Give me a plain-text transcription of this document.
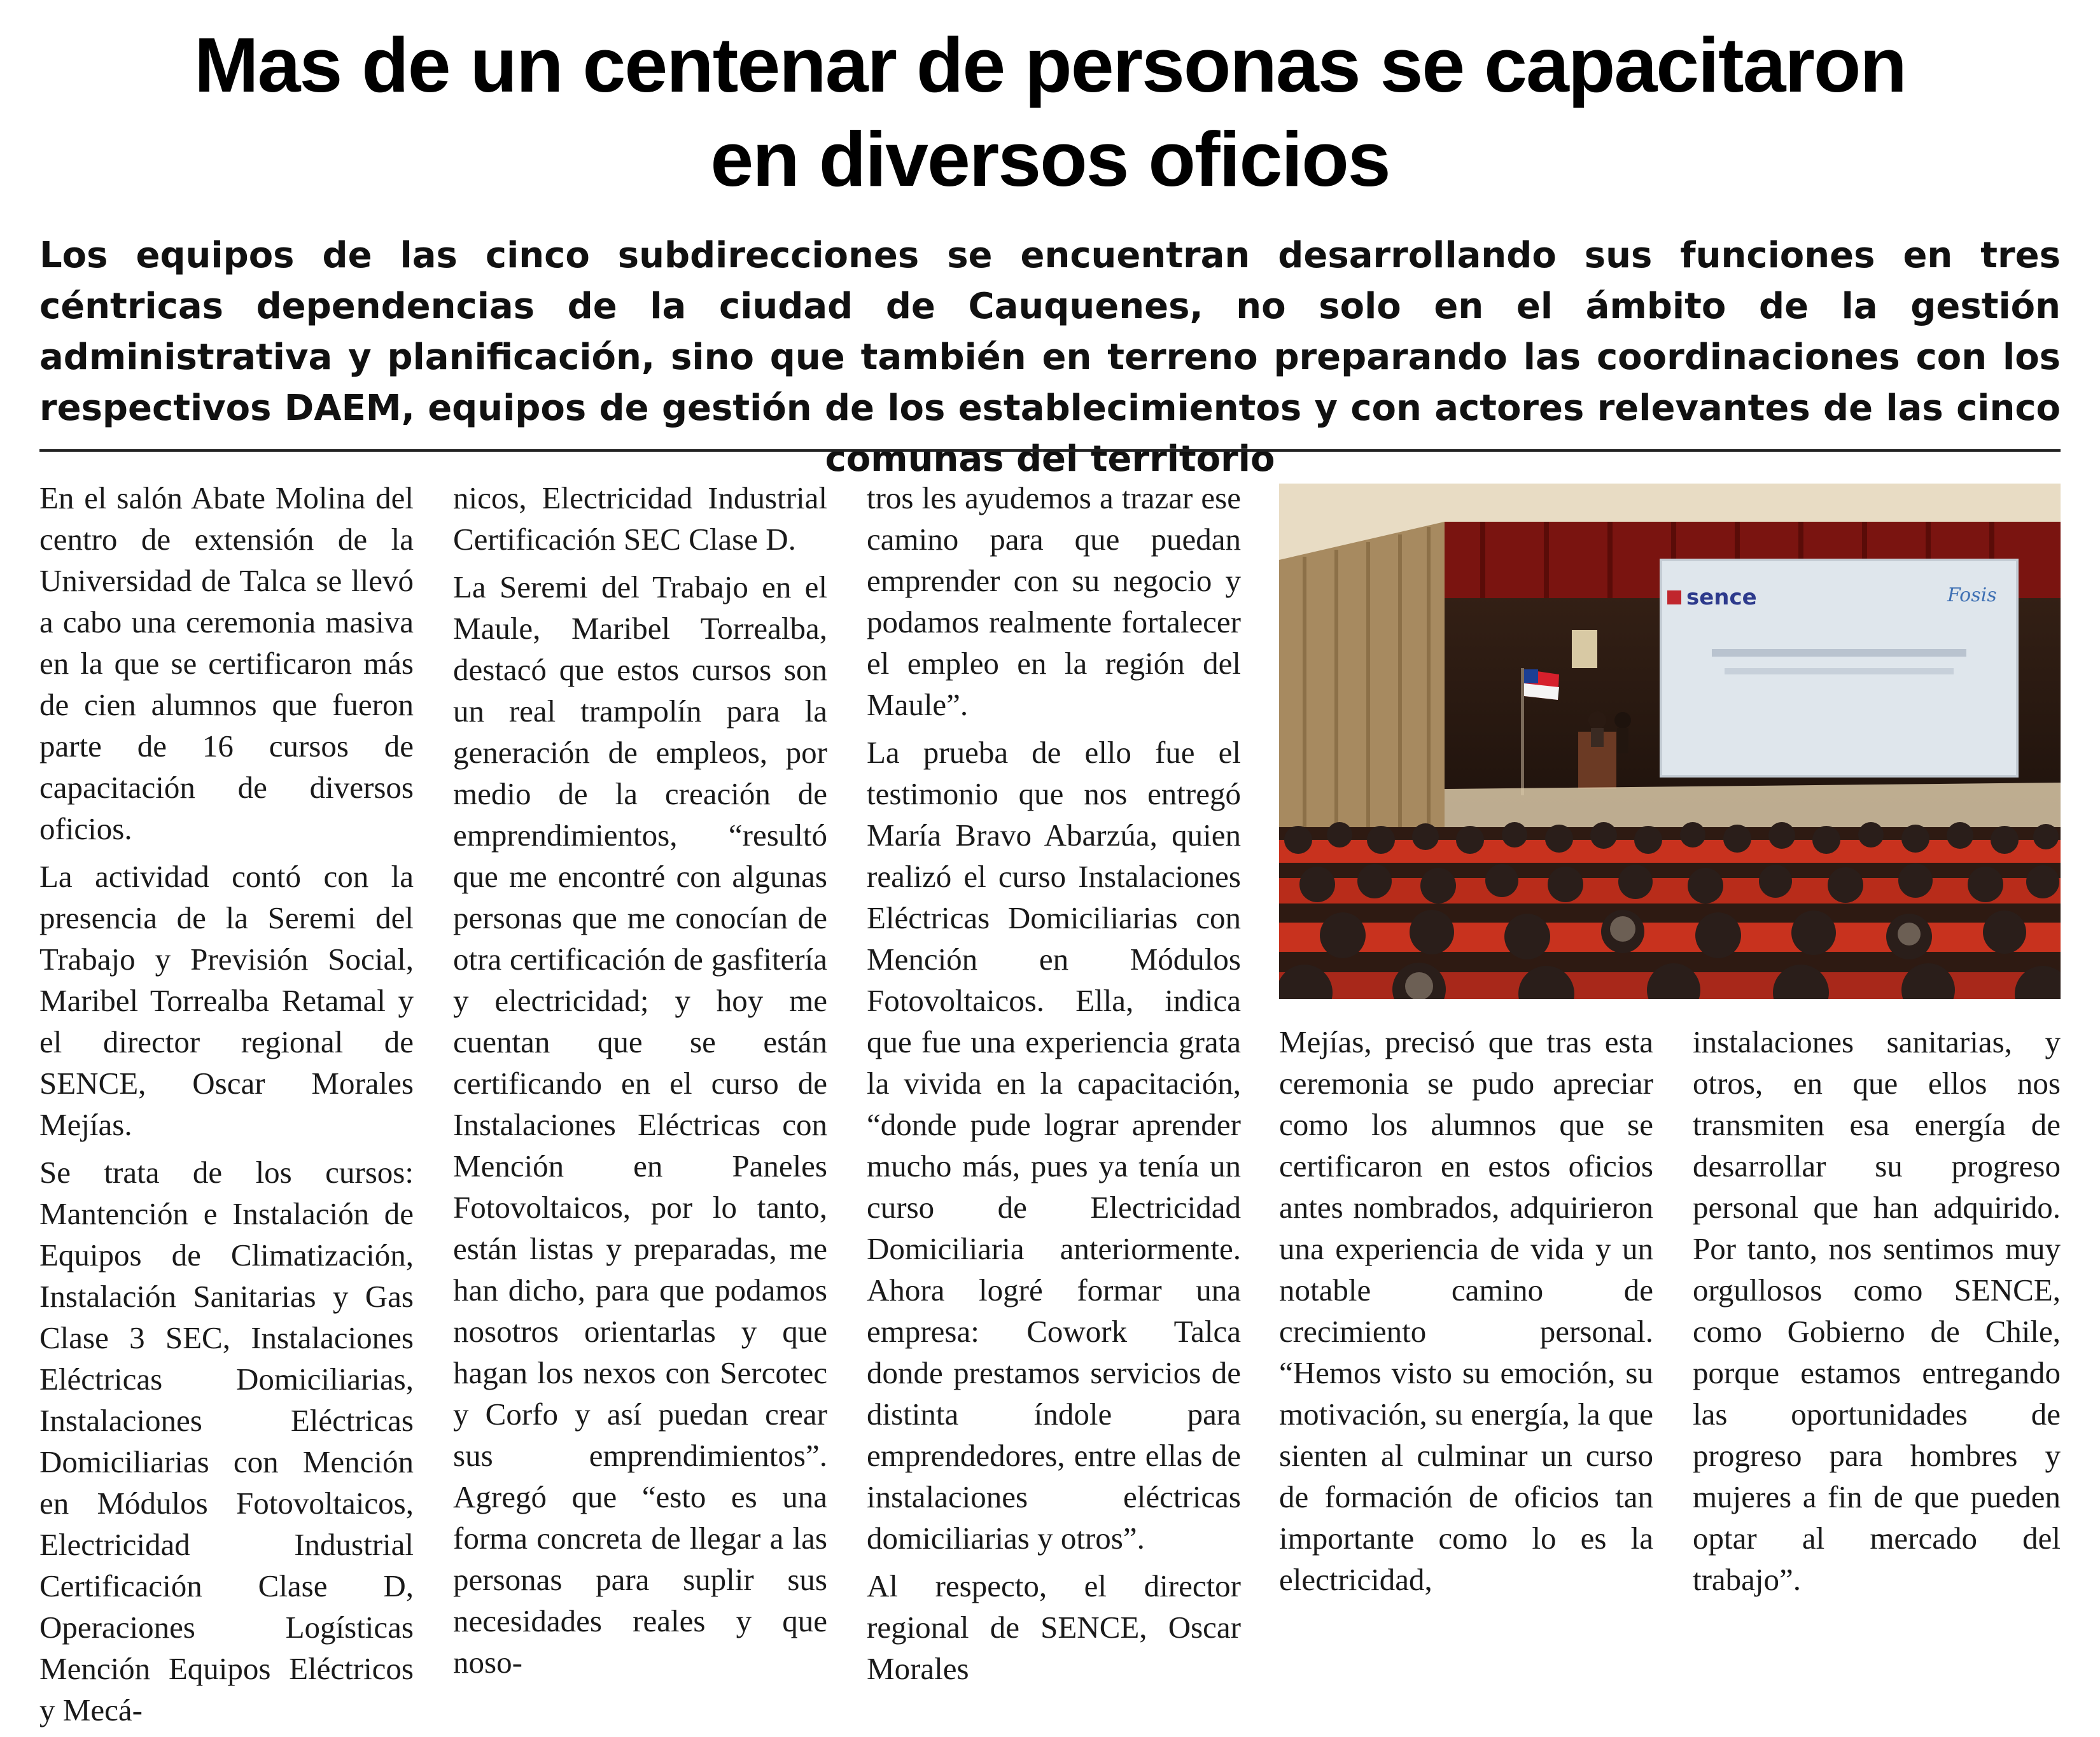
Mas de un centenar de personas se capacitaron
en diversos oficios
Los equipos de las cinco subdirecciones se encuentran desarrollando sus funciones en tres céntricas dependencias de la ciudad de Cauquenes, no solo en el ámbito de la gestión administrativa y planificación, sino que también en terreno preparando las coordinaciones con los respectivos DAEM, equipos de gestión de los establecimientos y con actores relevantes de las cinco comunas del territorio

En el salón Abate Molina del centro de extensión de la Universidad de Talca se llevó a cabo una ceremonia masiva en la que se certificaron más de cien alumnos que fueron parte de 16 cursos de capacitación de diversos oficios.

La actividad contó con la presencia de la Seremi del Trabajo y Previsión Social, Maribel Torrealba Retamal y el director regional de SENCE, Oscar Morales Mejías.

Se trata de los cursos: Mantención e Instalación de Equipos de Climatización, Instalación Sanitarias y Gas Clase 3 SEC, Instalaciones Eléctricas Domiciliarias, Instalaciones Eléctricas Domiciliarias con Mención en Módulos Fotovoltaicos, Electricidad Industrial Certificación Clase D, Operaciones Logísticas Mención Equipos Eléctricos y Mecá-

nicos, Electricidad Industrial Certificación SEC Clase D.

La Seremi del Trabajo en el Maule, Maribel Torrealba, destacó que estos cursos son un real trampolín para la generación de empleos, por medio de la creación de emprendimientos, “resultó que me encontré con algunas personas que me conocían de otra certificación de gasfitería y electricidad; y hoy me cuentan que se están certificando en el curso de Instalaciones Eléctricas con Mención en Paneles Fotovoltaicos, por lo tanto, están listas y preparadas, me han dicho, para que podamos nosotros orientarlas y que hagan los nexos con Sercotec y Corfo y así puedan crear sus emprendimientos”. Agregó que “esto es una forma concreta de llegar a las personas para suplir sus necesidades reales y que noso-

tros les ayudemos a trazar ese camino para que puedan emprender con su negocio y podamos realmente fortalecer el empleo en la región del Maule”.

La prueba de ello fue el testimonio que nos entregó María Bravo Abarzúa, quien realizó el curso Instalaciones Eléctricas Domiciliarias con Mención en Módulos Fotovoltaicos. Ella, indica que fue una experiencia grata la vivida en la capacitación, “donde pude lograr aprender mucho más, pues ya tenía un curso de Electricidad Domiciliaria anteriormente. Ahora logré formar una empresa: Cowork Talca donde prestamos servicios de distinta índole para emprendedores, entre ellas de instalaciones eléctricas domiciliarias y otros”.

Al respecto, el director regional de SENCE, Oscar Morales

sence	Fosis

Mejías, precisó que tras esta ceremonia se pudo apreciar como los alumnos que se certificaron en estos oficios antes nombrados, adquirieron una experiencia de vida y un notable camino de crecimiento personal. “Hemos visto su emoción, su motivación, su energía, la que sienten al culminar un curso de formación de oficios tan importante como lo es la electricidad,

instalaciones sanitarias, y otros, en que ellos nos transmiten esa energía de desarrollar su progreso personal que han adquirido. Por tanto, nos sentimos muy orgullosos como SENCE, como Gobierno de Chile, porque estamos entregando las oportunidades de progreso para hombres y mujeres a fin de que pueden optar al mercado del trabajo”.
